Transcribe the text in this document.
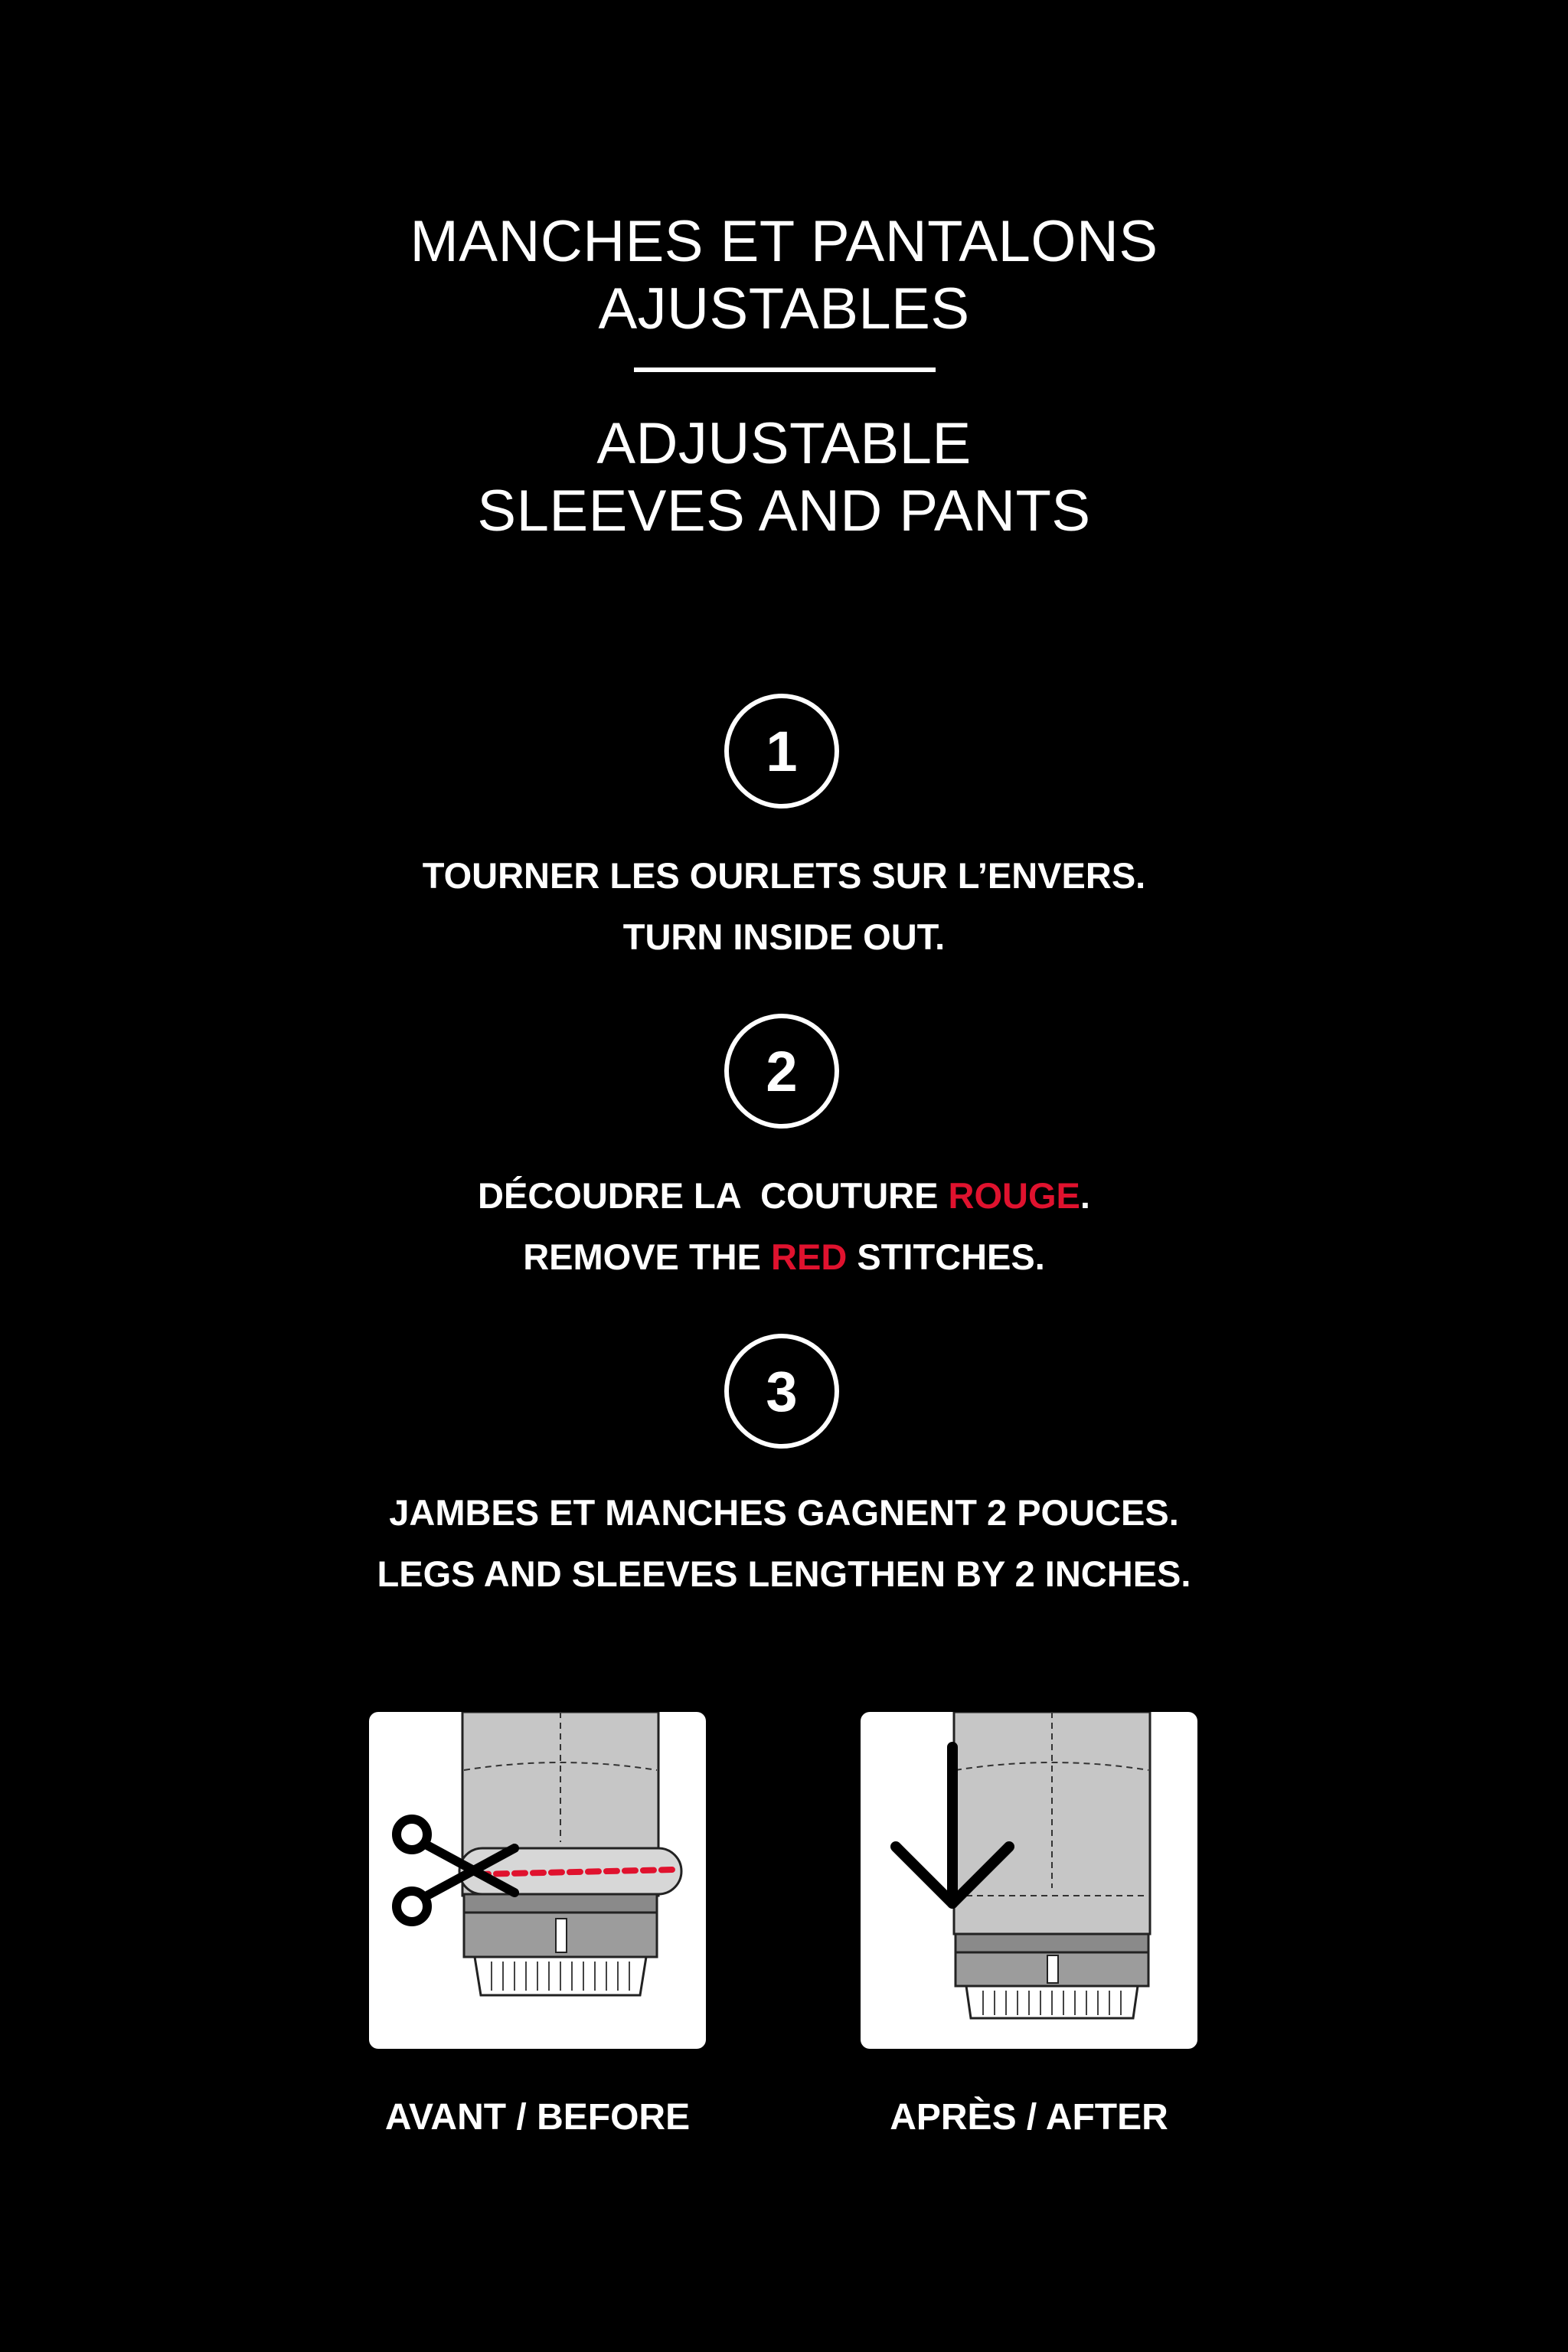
MANCHES ET PANTALONS
AJUSTABLES
ADJUSTABLE
SLEEVES AND PANTS
1
TOURNER LES OURLETS SUR L’ENVERS.
TURN INSIDE OUT.
2
DÉCOUDRE LA  COUTURE ROUGE.
REMOVE THE RED STITCHES.
3
JAMBES ET MANCHES GAGNENT 2 POUCES.
LEGS AND SLEEVES LENGTHEN BY 2 INCHES.
AVANT / BEFORE	APRÈS / AFTER
